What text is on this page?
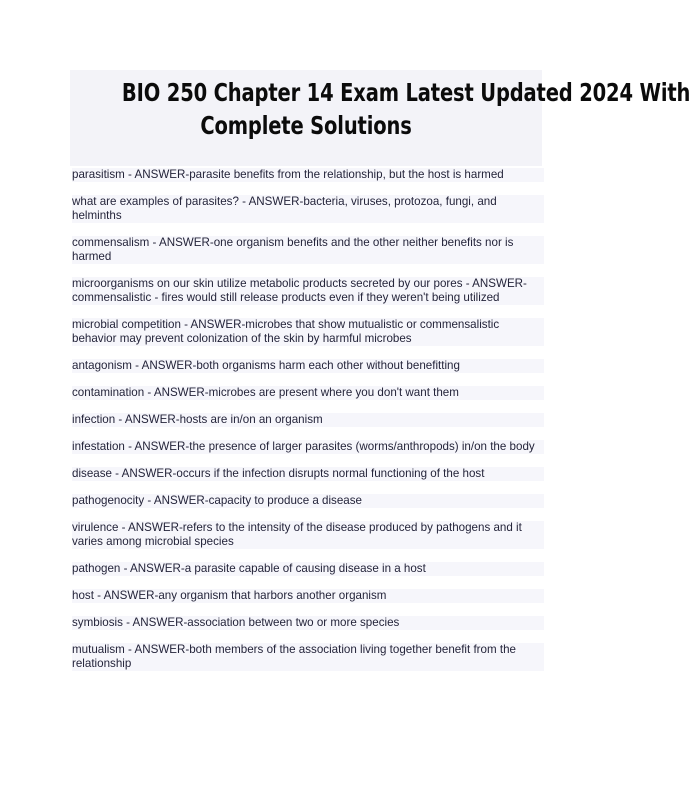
BIO 250 Chapter 14 Exam Latest Updated 2024 With
Complete Solutions
parasitism - ANSWER-parasite benefits from the relationship, but the host is harmed
what are examples of parasites? - ANSWER-bacteria, viruses, protozoa, fungi, and helminths
commensalism - ANSWER-one organism benefits and the other neither benefits nor is harmed
microorganisms on our skin utilize metabolic products secreted by our pores - ANSWER-commensalistic - fires would still release products even if they weren't being utilized
microbial competition - ANSWER-microbes that show mutualistic or commensalistic behavior may prevent colonization of the skin by harmful microbes
antagonism - ANSWER-both organisms harm each other without benefitting
contamination - ANSWER-microbes are present where you don't want them
infection - ANSWER-hosts are in/on an organism
infestation - ANSWER-the presence of larger parasites (worms/anthropods) in/on the body
disease - ANSWER-occurs if the infection disrupts normal functioning of the host
pathogenocity - ANSWER-capacity to produce a disease
virulence - ANSWER-refers to the intensity of the disease produced by pathogens and it varies among microbial species
pathogen - ANSWER-a parasite capable of causing disease in a host
host - ANSWER-any organism that harbors another organism
symbiosis - ANSWER-association between two or more species
mutualism - ANSWER-both members of the association living together benefit from the relationship
